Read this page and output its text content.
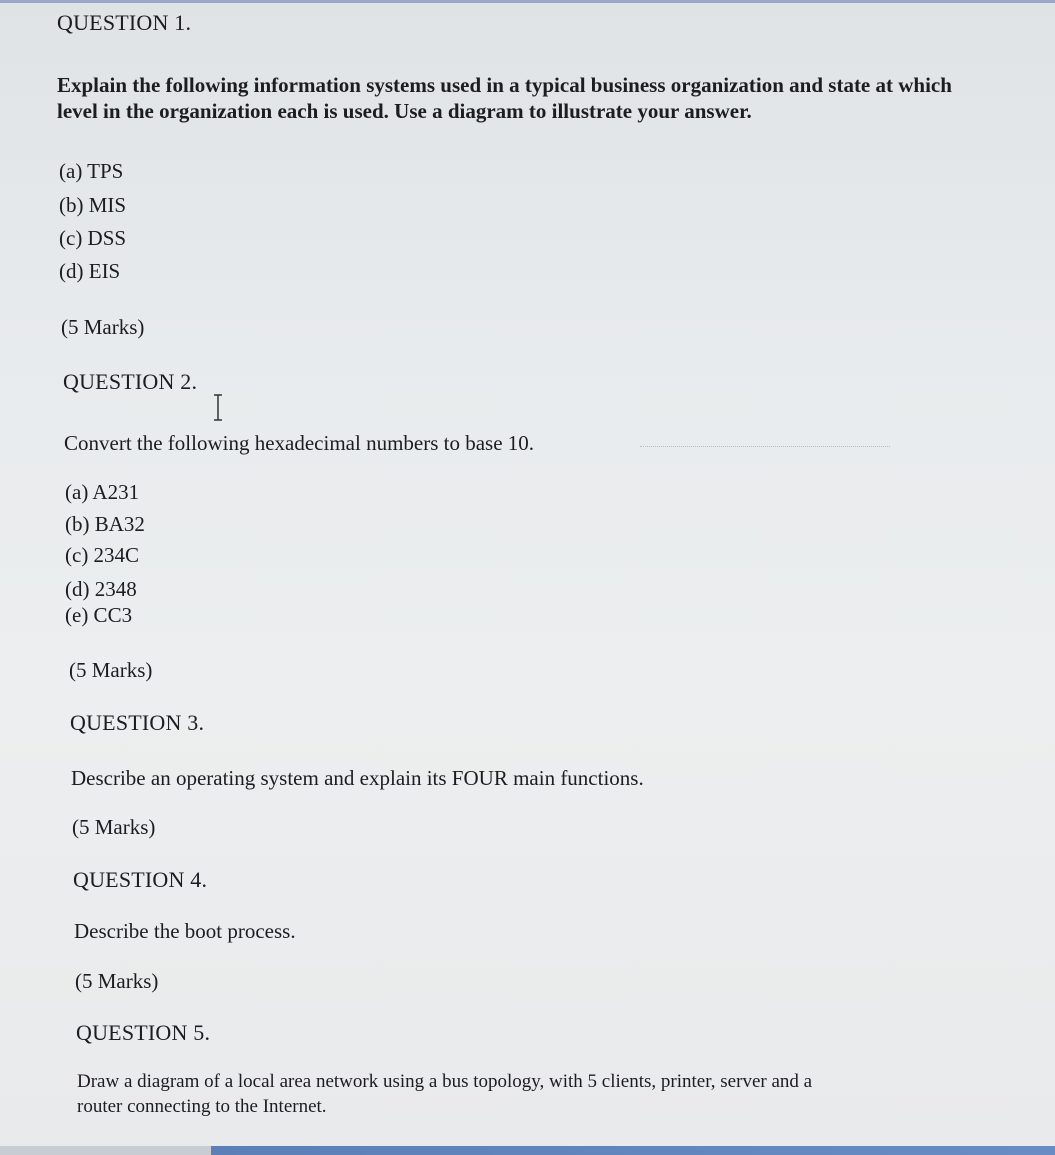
QUESTION 1.
Explain the following information systems used in a typical business organization and state at which
level in the organization each is used. Use a diagram to illustrate your answer.
(a) TPS
(b) MIS
(c) DSS
(d) EIS
(5 Marks)
QUESTION 2.
Convert the following hexadecimal numbers to base 10.
(a) A231
(b) BA32
(c) 234C
(d) 2348
(e) CC3
(5 Marks)
QUESTION 3.
Describe an operating system and explain its FOUR main functions.
(5 Marks)
QUESTION 4.
Describe the boot process.
(5 Marks)
QUESTION 5.
Draw a diagram of a local area network using a bus topology, with 5 clients, printer, server and a
router connecting to the Internet.
